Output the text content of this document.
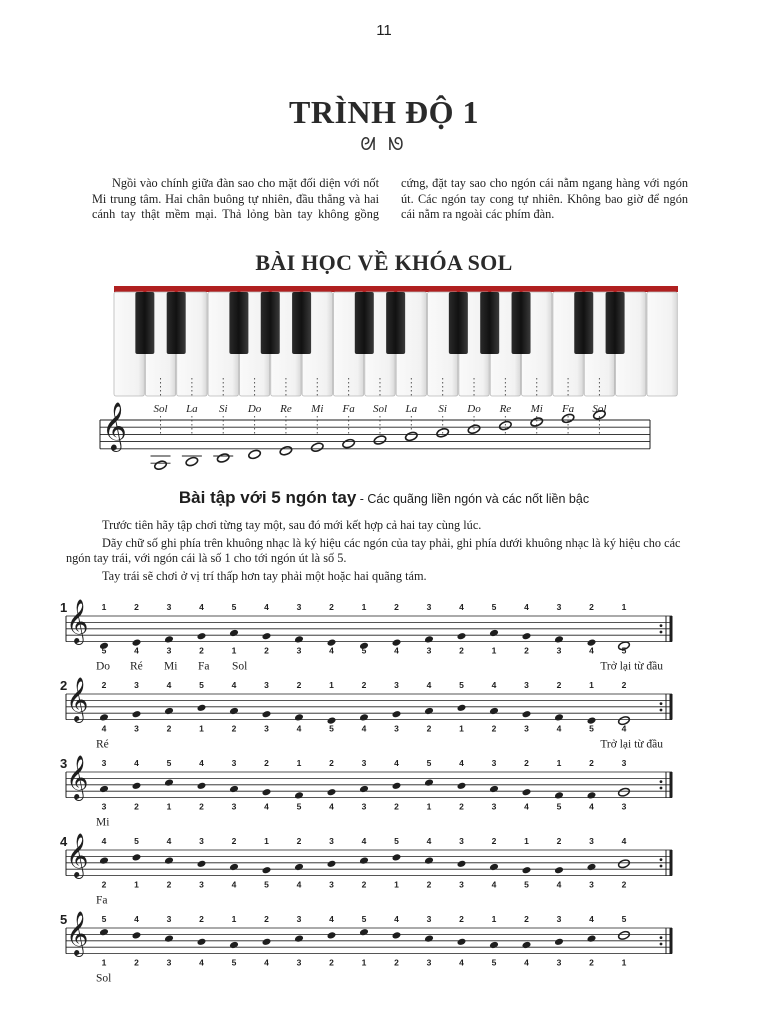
11
TRÌNH ĐỘ 1
ᘛ ᘚ

Ngồi vào chính giữa đàn sao cho mặt đối diện với nốt Mi trung tâm. Hai chân buông tự nhiên, đầu thẳng và hai cánh tay thật mềm mại. Thả lỏng bàn tay không gồng cứng, đặt tay sao cho ngón cái nằm ngang hàng với ngón út. Các ngón tay cong tự nhiên. Không bao giờ để ngón cái nằm ra ngoài các phím đàn.

BÀI HỌC VỀ KHÓA SOL
Sol La Si Do Re Mi Fa Sol La Si Do Re Mi Fa Sol
𝄞
Bài tập với 5 ngón tay - Các quãng liền ngón và các nốt liền bậc

Trước tiên hãy tập chơi từng tay một, sau đó mới kết hợp cả hai tay cùng lúc.

Dãy chữ số ghi phía trên khuông nhạc là ký hiệu các ngón của tay phải, ghi phía dưới khuông nhạc là ký hiệu cho các ngón tay trái, với ngón cái là số 1 cho tới ngón út là số 5.

Tay trái sẽ chơi ở vị trí thấp hơn tay phải một hoặc hai quãng tám.

1
𝄞 1
5
2
4
3
3
4
2
5
1
4
2
3
3
2
4
1
5
2
4
3
3
4
2
5
1
4
2
3
3
2
4
1
5
Do Ré Mi Fa Sol	Trở lại từ đầu
2
𝄞 2
4
3
3
4
2
5
1
4
2
3
3
2
4
1
5
2
4
3
3
4
2
5
1
4
2
3
3
2
4
1
5
2
4
Ré	Trở lại từ đầu
3
𝄞 3
3
4
2
5
1
4
2
3
3
2
4
1
5
2
4
3
3
4
2
5
1
4
2
3
3
2
4
1
5
2
4
3
3
Mi
4
𝄞 4
2
5
1
4
2
3
3
2
4
1
5
2
4
3
3
4
2
5
1
4
2
3
3
2
4
1
5
2
4
3
3
4
2
Fa
5
𝄞 5
1
4
2
3
3
2
4
1
5
2
4
3
3
4
2
5
1
4
2
3
3
2
4
1
5
2
4
3
3
4
2
5
1
Sol
